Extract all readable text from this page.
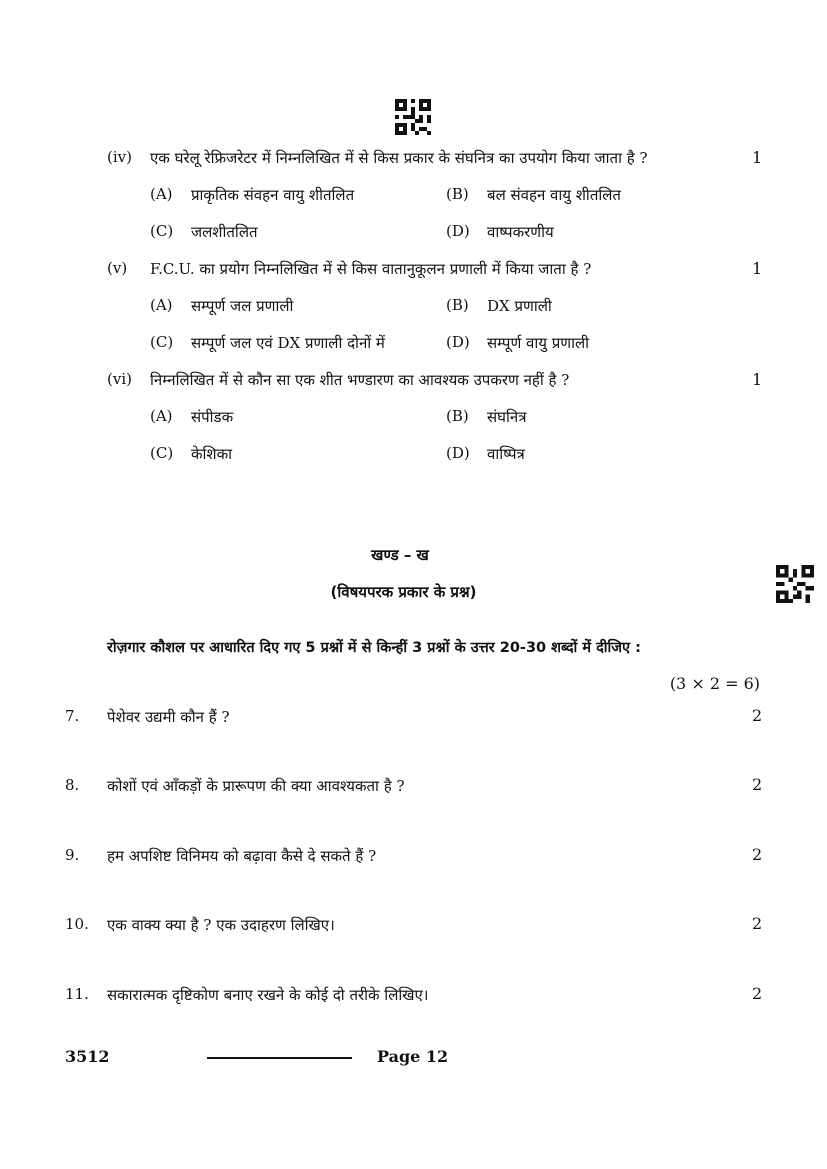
(iv) एक घरेलू रेफ्रिजरेटर में निम्नलिखित में से किस प्रकार के संघनित्र का उपयोग किया जाता है ?	1
(A) प्राकृतिक संवहन वायु शीतलित	(B) बल संवहन वायु शीतलित
(C) जलशीतलित	(D) वाष्पकरणीय
(v) F.C.U. का प्रयोग निम्नलिखित में से किस वातानुकूलन प्रणाली में किया जाता है ?	1
(A) सम्पूर्ण जल प्रणाली	(B) DX प्रणाली
(C) सम्पूर्ण जल एवं DX प्रणाली दोनों में	(D) सम्पूर्ण वायु प्रणाली
(vi) निम्नलिखित में से कौन सा एक शीत भण्डारण का आवश्यक उपकरण नहीं है ?	1
(A) संपीडक	(B) संघनित्र
(C) केशिका	(D) वाष्पित्र
खण्ड – ख
(विषयपरक प्रकार के प्रश्न)
रोज़गार कौशल पर आधारित दिए गए 5 प्रश्नों में से किन्हीं 3 प्रश्नों के उत्तर 20-30 शब्दों में दीजिए :
(3 × 2 = 6)
7. पेशेवर उद्यमी कौन हैं ?	2
8. कोशों एवं आँकड़ों के प्रारूपण की क्या आवश्यकता है ?	2
9. हम अपशिष्ट विनिमय को बढ़ावा कैसे दे सकते हैं ?	2
10. एक वाक्य क्या है ? एक उदाहरण लिखिए।	2
11. सकारात्मक दृष्टिकोण बनाए रखने के कोई दो तरीके लिखिए।	2
3512	Page 12
